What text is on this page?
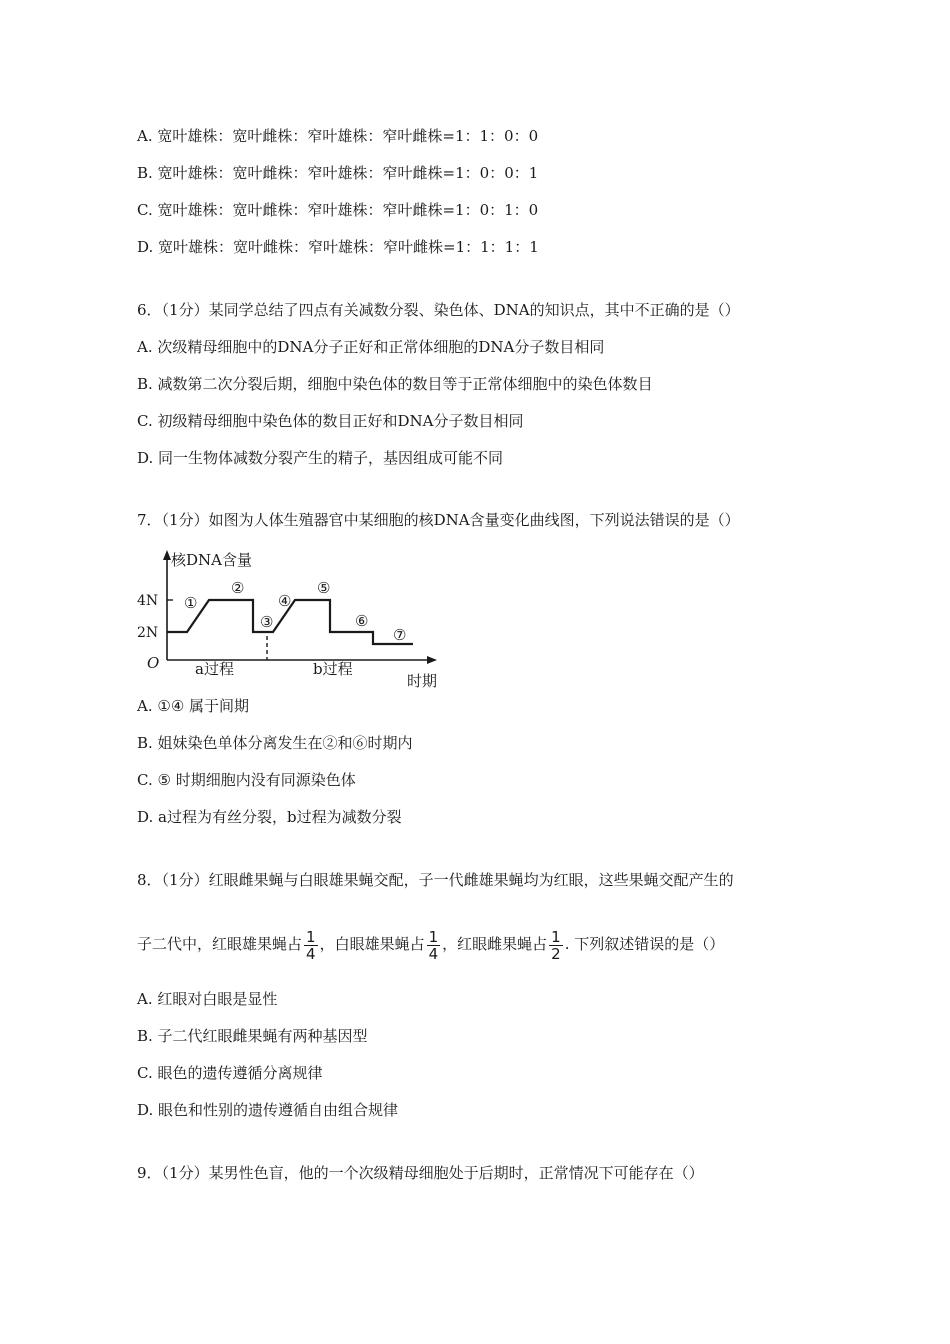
A. 宽叶雄株：宽叶雌株：窄叶雄株：窄叶雌株=1：1：0：0
B. 宽叶雄株：宽叶雌株：窄叶雄株：窄叶雌株=1：0：0：1
C. 宽叶雄株：宽叶雌株：窄叶雄株：窄叶雌株=1：0：1：0
D. 宽叶雄株：宽叶雌株：窄叶雄株：窄叶雌株=1：1：1：1
6．（1分）某同学总结了四点有关减数分裂、染色体、DNA的知识点，其中不正确的是（）
A. 次级精母细胞中的DNA分子正好和正常体细胞的DNA分子数目相同
B. 减数第二次分裂后期，细胞中染色体的数目等于正常体细胞中的染色体数目
C. 初级精母细胞中染色体的数目正好和DNA分子数目相同
D. 同一生物体减数分裂产生的精子，基因组成可能不同
7．（1分）如图为人体生殖器官中某细胞的核DNA含量变化曲线图，下列说法错误的是（）
核DNA含量
4N
2N
O a过程	b过程
时期
①
②
③
④
⑤
⑥
⑦
A. ①④ 属于间期
B. 姐妹染色单体分离发生在②和⑥时期内
C. ⑤ 时期细胞内没有同源染色体
D. a过程为有丝分裂，b过程为减数分裂
8．（1分）红眼雌果蝇与白眼雄果蝇交配，子一代雌雄果蝇均为红眼，这些果蝇交配产生的
子二代中，红眼雄果蝇占 $\frac{1}{4}$ ，白眼雄果蝇占 $\frac{1}{4}$ ，红眼雌果蝇占 $\frac{1}{2}$ . 下列叙述错误的是（）
A. 红眼对白眼是显性
B. 子二代红眼雌果蝇有两种基因型
C. 眼色的遗传遵循分离规律
D. 眼色和性别的遗传遵循自由组合规律
9．（1分）某男性色盲，他的一个次级精母细胞处于后期时，正常情况下可能存在（）
